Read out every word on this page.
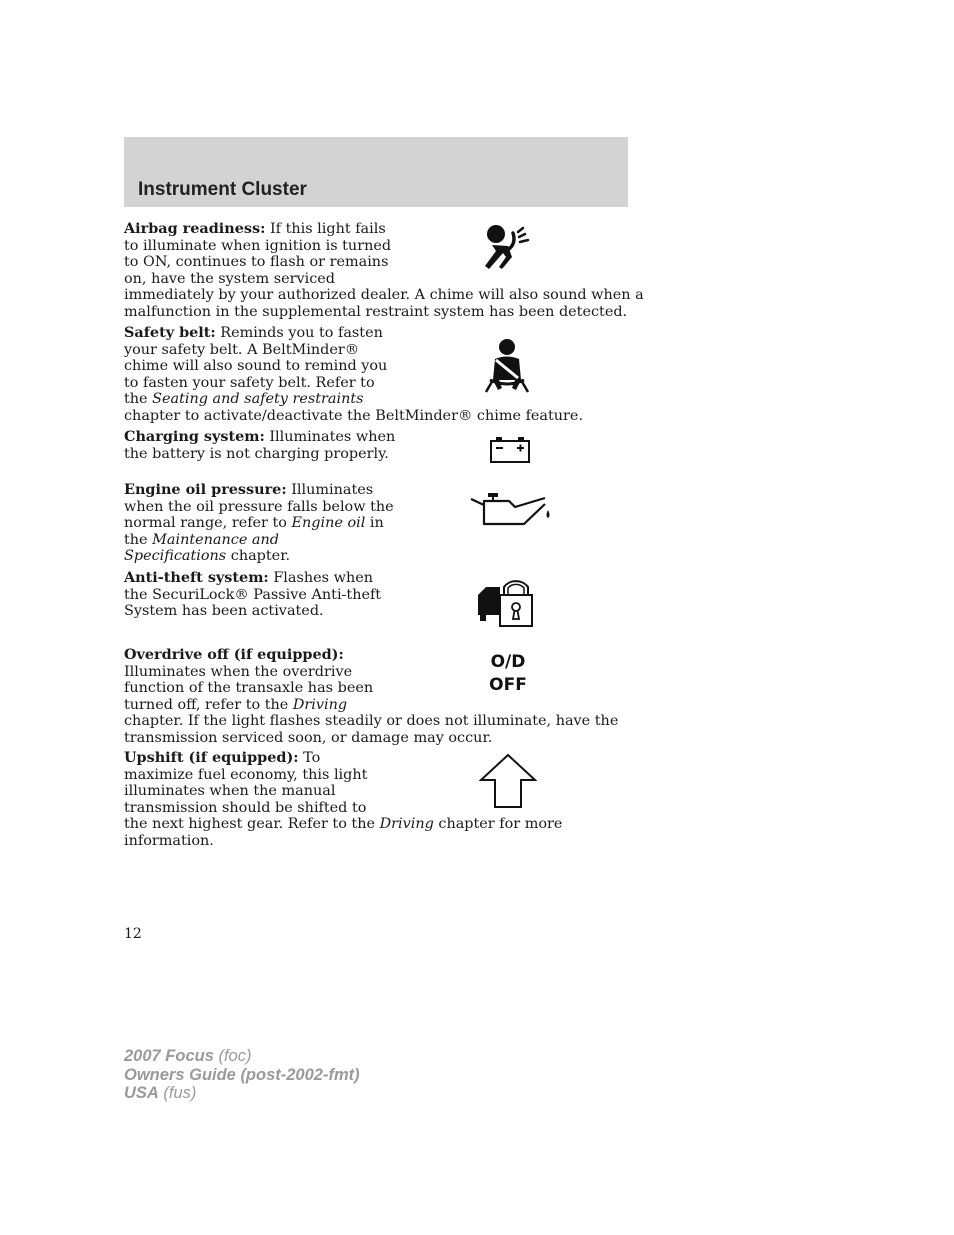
Instrument Cluster
Airbag readiness: If this light fails
to illuminate when ignition is turned
to ON, continues to flash or remains
on, have the system serviced
immediately by your authorized dealer. A chime will also sound when a
malfunction in the supplemental restraint system has been detected.
Safety belt: Reminds you to fasten
your safety belt. A BeltMinder®
chime will also sound to remind you
to fasten your safety belt. Refer to
the Seating and safety restraints
chapter to activate/deactivate the BeltMinder® chime feature.
Charging system: Illuminates when
the battery is not charging properly.
Engine oil pressure: Illuminates
when the oil pressure falls below the
normal range, refer to Engine oil in
the Maintenance and
Specifications chapter.
Anti-theft system: Flashes when
the SecuriLock® Passive Anti-theft
System has been activated.
Overdrive off (if equipped):
Illuminates when the overdrive
function of the transaxle has been
turned off, refer to the Driving
chapter. If the light flashes steadily or does not illuminate, have the
transmission serviced soon, or damage may occur.
O/D
OFF
Upshift (if equipped): To
maximize fuel economy, this light
illuminates when the manual
transmission should be shifted to
the next highest gear. Refer to the Driving chapter for more
information.
12
2007 Focus (foc)
Owners Guide (post-2002-fmt)
USA (fus)
